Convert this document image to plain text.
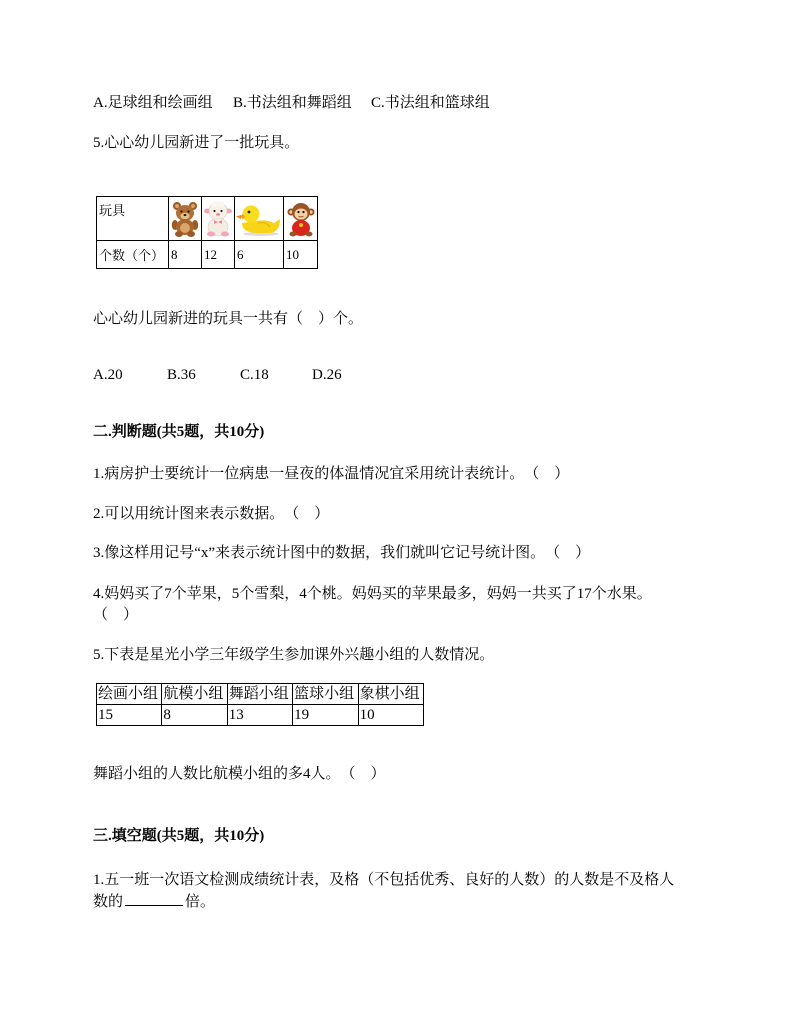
A.足球组和绘画组 B.书法组和舞蹈组 C.书法组和篮球组
5.心心幼儿园新进了一批玩具。
玩具	

个数（个）	8	12	6	10
心心幼儿园新进的玩具一共有（　）个。
A.20	B.36	C.18	D.26
二.判断题(共5题，共10分)
1.病房护士要统计一位病患一昼夜的体温情况宜采用统计表统计。　（　）
2.可以用统计图来表示数据。　（　）
3.像这样用记号“x”来表示统计图中的数据，我们就叫它记号统计图。　（　）
4.妈妈买了7个苹果，5个雪梨，4个桃。妈妈买的苹果最多，妈妈一共买了17个水果。
（　）
5.下表是星光小学三年级学生参加课外兴趣小组的人数情况。
绘画小组	航模小组	舞蹈小组	篮球小组	象棋小组
15	8	13	19	10
舞蹈小组的人数比航模小组的多4人。　（　）
三.填空题(共5题，共10分)
1.五一班一次语文检测成绩统计表，及格（不包括优秀、良好的人数）的人数是不及格人
数的	倍。
